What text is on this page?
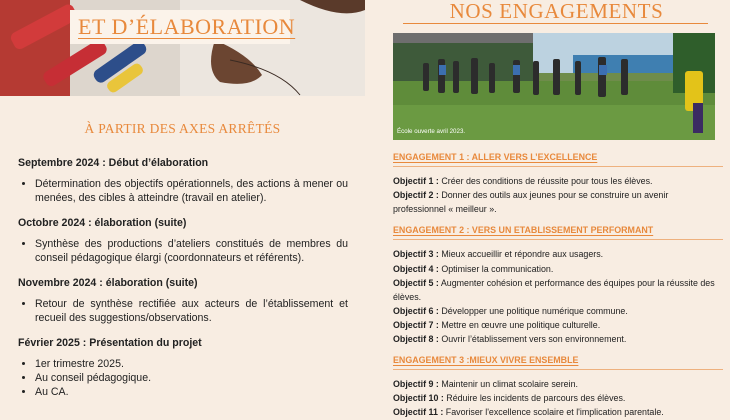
ET D’ÉLABORATION
À PARTIR DES AXES ARRÊTÉS
Septembre 2024 : Début d’élaboration
• Détermination des objectifs opérationnels, des actions à mener ou menées, des cibles à atteindre (travail en atelier).
Octobre 2024 : élaboration (suite)
• Synthèse des productions d’ateliers constitués de membres du conseil pédagogique élargi (coordonnateurs et référents).
Novembre 2024 : élaboration (suite)
• Retour de synthèse rectifiée aux acteurs de l’établissement et recueil des suggestions/observations.
Février 2025 : Présentation du projet
• 1er trimestre 2025.
• Au conseil pédagogique.
• Au CA.
NOS ENGAGEMENTS
École ouverte avril 2023.
ENGAGEMENT 1 : ALLER VERS L’EXCELLENCE

Objectif 1 : Créer des conditions de réussite pour tous les élèves.

Objectif 2 : Donner des outils aux jeunes pour se construire un avenir professionnel « meilleur ».

ENGAGEMENT 2 : VERS UN ETABLISSEMENT PERFORMANT

Objectif 3 : Mieux accueillir et répondre aux usagers.

Objectif 4 : Optimiser la communication.

Objectif 5 : Augmenter cohésion et performance des équipes pour la réussite des élèves.

Objectif 6 : Développer une politique numérique commune.

Objectif 7 : Mettre en œuvre une politique culturelle.

Objectif 8 : Ouvrir l’établissement vers son environnement.

ENGAGEMENT 3 :MIEUX VIVRE ENSEMBLE

Objectif 9 : Maintenir un climat scolaire serein.

Objectif 10 : Réduire les incidents de parcours des élèves.

Objectif 11 : Favoriser l'excellence scolaire et l'implication parentale.
